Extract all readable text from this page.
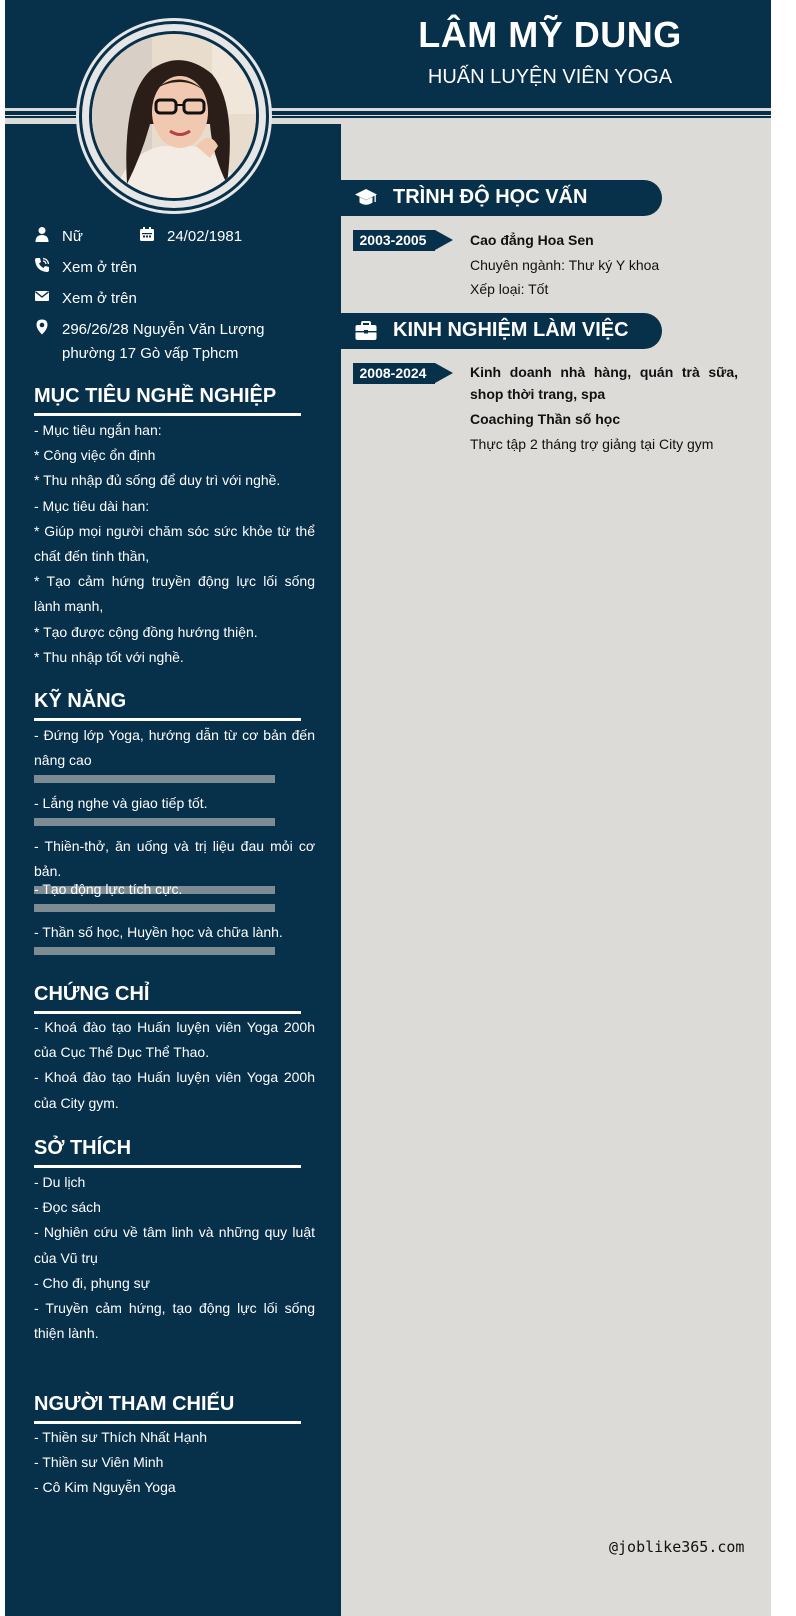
LÂM MỸ DUNG
HUẤN LUYỆN VIÊN YOGA
Nữ	24/02/1981
Xem ở trên
Xem ở trên
296/26/28 Nguyễn Văn Lượng
phường 17 Gò vấp Tphcm
MỤC TIÊU NGHỀ NGHIỆP

- Mục tiêu ngắn han:

* Công việc ổn định

* Thu nhập đủ sống để duy trì với nghề.

- Mục tiêu dài han:

* Giúp mọi người chăm sóc sức khỏe từ thể chất đến tinh thần,

* Tạo cảm hứng truyền động lực lối sống lành mạnh,

* Tạo được cộng đồng hướng thiện.

* Thu nhập tốt với nghề.

KỸ NĂNG

- Đứng lớp Yoga, hướng dẫn từ cơ bản đến nâng cao

- Lắng nghe và giao tiếp tốt.

- Thiền-thở, ăn uống và trị liệu đau mỏi cơ bản.

- Tạo động lực tích cực.

- Thần số học, Huyền học và chữa lành.

CHỨNG CHỈ

- Khoá đào tạo Huấn luyện viên Yoga 200h của Cục Thể Dục Thể Thao.

- Khoá đào tạo Huấn luyện viên Yoga 200h của City gym.

SỞ THÍCH

- Du lịch

- Đọc sách

- Nghiên cứu về tâm linh và những quy luật của Vũ trụ

- Cho đi, phụng sự

- Truyền cảm hứng, tạo động lực lối sống thiện lành.

NGƯỜI THAM CHIẾU

- Thiền sư Thích Nhất Hạnh

- Thiền sư Viên Minh

- Cô Kim Nguyễn Yoga

TRÌNH ĐỘ HỌC VẤN
2003-2005	Cao đẳng Hoa Sen

Chuyên ngành: Thư ký Y khoa

Xếp loại: Tốt

KINH NGHIỆM LÀM VIỆC
2008-2024	Kinh doanh nhà hàng, quán trà sữa, shop thời trang, spa

Coaching Thần số học

Thực tập 2 tháng trợ giảng tại City gym

@joblike365.com
